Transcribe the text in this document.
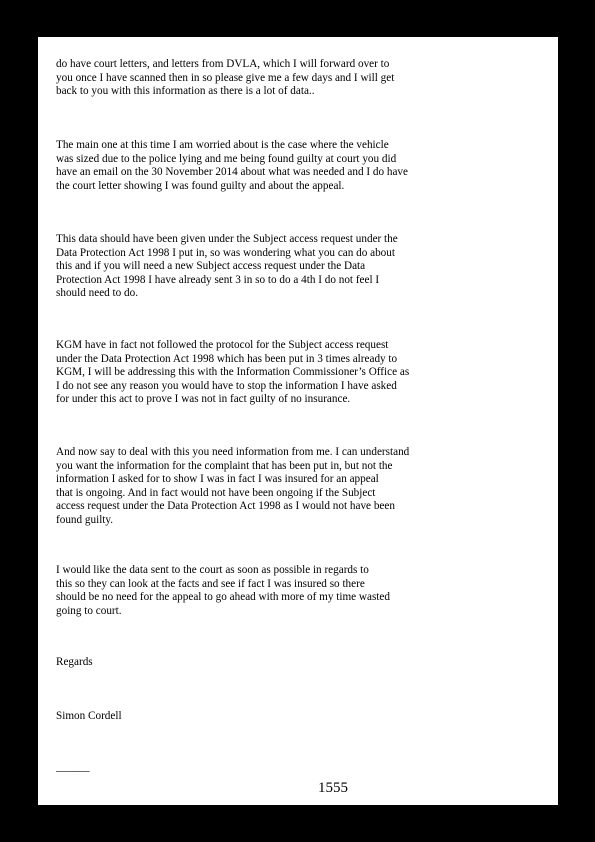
do have court letters, and letters from DVLA, which I will forward over to
you once I have scanned then in so please give me a few days and I will get
back to you with this information as there is a lot of data..

The main one at this time I am worried about is the case where the vehicle
was sized due to the police lying and me being found guilty at court you did
have an email on the 30 November 2014 about what was needed and I do have
the court letter showing I was found guilty and about the appeal.

This data should have been given under the Subject access request under the
Data Protection Act 1998 I put in, so was wondering what you can do about
this and if you will need a new Subject access request under the Data
Protection Act 1998 I have already sent 3 in so to do a 4th I do not feel I
should need to do.

KGM have in fact not followed the protocol for the Subject access request
under the Data Protection Act 1998 which has been put in 3 times already to
KGM, I will be addressing this with the Information Commissioner’s Office as
I do not see any reason you would have to stop the information I have asked
for under this act to prove I was not in fact guilty of no insurance.

And now say to deal with this you need information from me. I can understand
you want the information for the complaint that has been put in, but not the
information I asked for to show I was in fact I was insured for an appeal
that is ongoing. And in fact would not have been ongoing if the Subject
access request under the Data Protection Act 1998 as I would not have been
found guilty.

I would like the data sent to the court as soon as possible in regards to
this so they can look at the facts and see if fact I was insured so there
should be no need for the appeal to go ahead with more of my time wasted
going to court.

Regards

Simon Cordell

———

1555
